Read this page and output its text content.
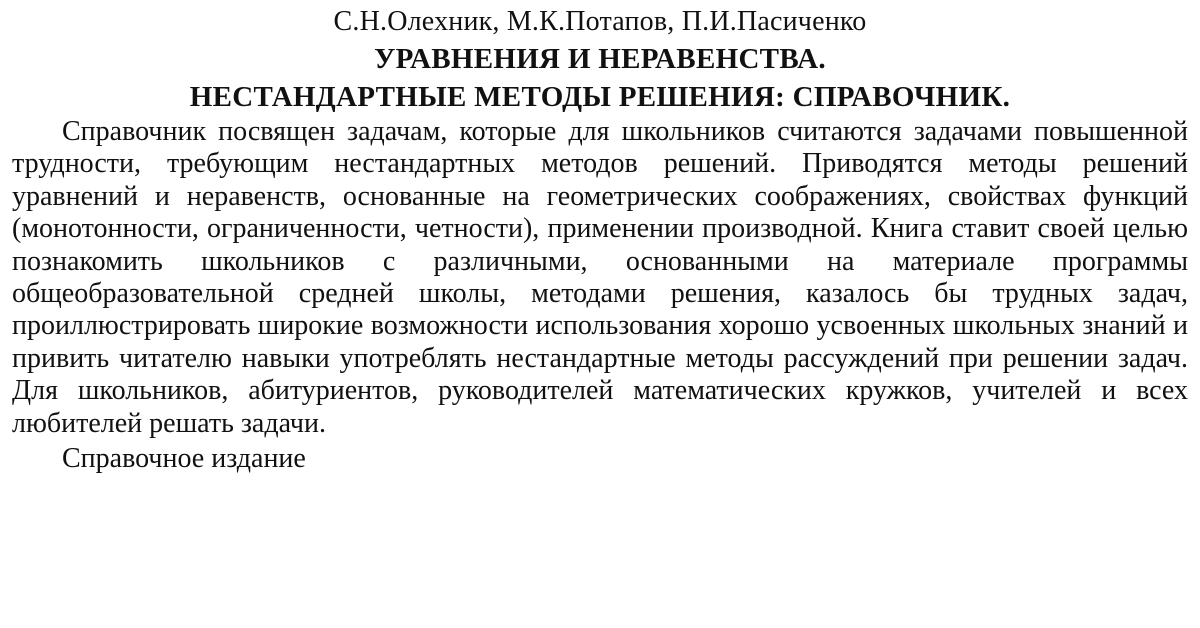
С.Н.Олехник, М.К.Потапов, П.И.Пасиченко
УРАВНЕНИЯ И НЕРАВЕНСТВА.
НЕСТАНДАРТНЫЕ МЕТОДЫ РЕШЕНИЯ: СПРАВОЧНИК.

Справочник посвящен задачам, которые для школьников считаются задачами повышенной трудности, требующим нестандартных методов решений. Приводятся методы решений уравнений и неравенств, основанные на геометрических соображениях, свойствах функций (монотонности, ограниченности, четности), применении производной. Книга ставит своей целью познакомить школьников с различными, основанными на материале программы общеобразовательной средней школы, методами решения, казалось бы трудных задач, проиллюстрировать широкие возможности использования хорошо усвоенных школьных знаний и привить читателю навыки употреблять нестандартные методы рассуждений при решении задач. Для школьников, абитуриентов, руководителей математических кружков, учителей и всех любителей решать задачи.

Справочное издание
